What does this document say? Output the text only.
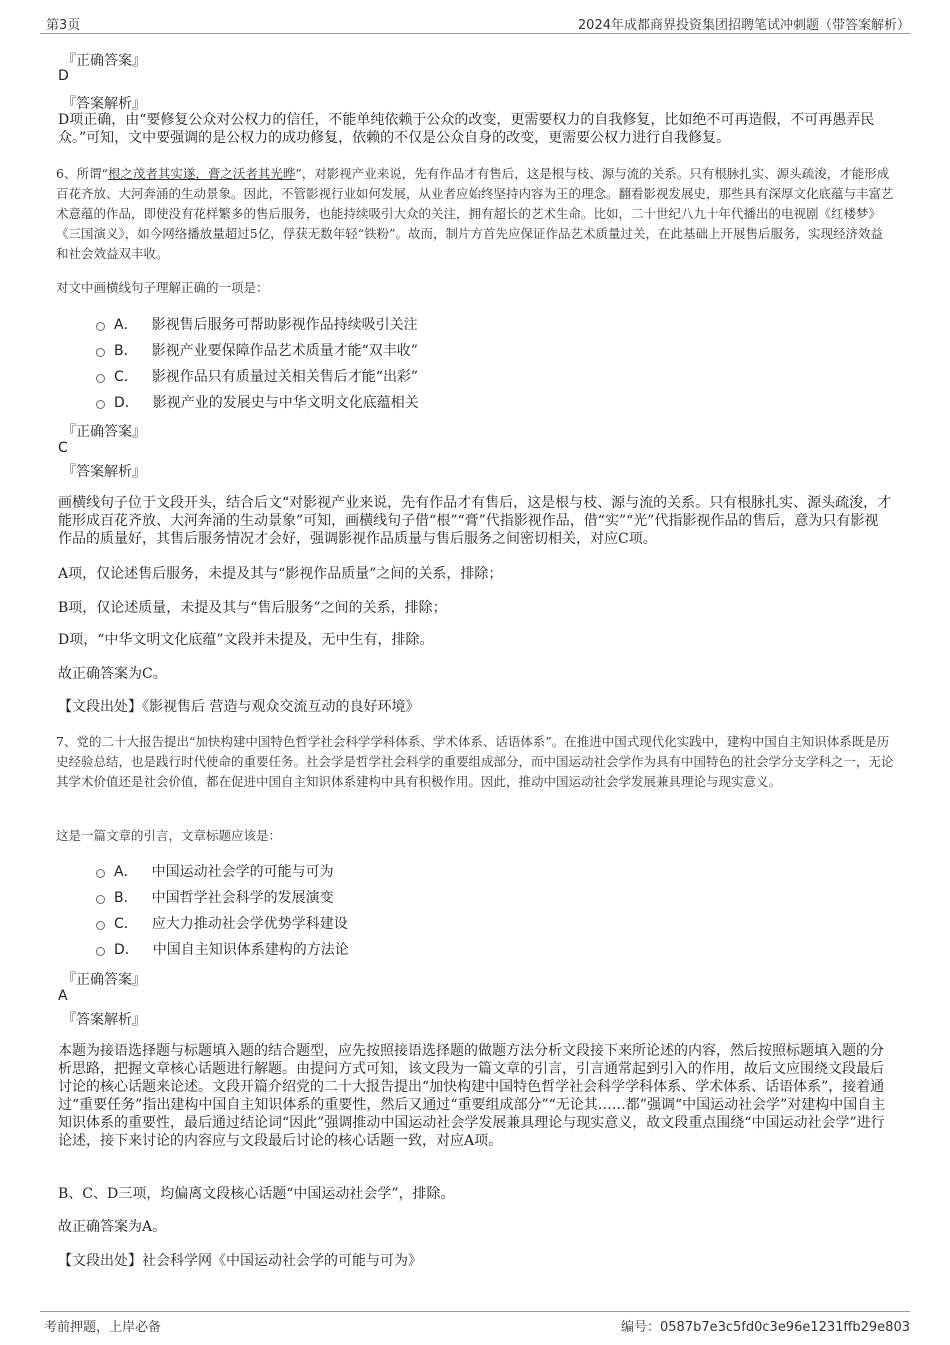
第3页	2024年成都商界投资集团招聘笔试冲刺题（带答案解析）
『正确答案』
D
『答案解析』
D项正确，由“要修复公众对公权力的信任，不能单纯依赖于公众的改变，更需要权力的自我修复，比如绝不可再造假，不可再愚弄民众。”可知，文中要强调的是公权力的成功修复，依赖的不仅是公众自身的改变，更需要公权力进行自我修复。
6、所谓“根之茂者其实遂，膏之沃者其光晔”，对影视产业来说，先有作品才有售后，这是根与枝、源与流的关系。只有根脉扎实、源头疏浚，才能形成百花齐放、大河奔涌的生动景象。因此，不管影视行业如何发展，从业者应始终坚持内容为王的理念。翻看影视发展史，那些具有深厚文化底蕴与丰富艺术意蕴的作品，即使没有花样繁多的售后服务，也能持续吸引大众的关注，拥有超长的艺术生命。比如，二十世纪八九十年代播出的电视剧《红楼梦》《三国演义》，如今网络播放量超过5亿，俘获无数年轻“铁粉”。故而，制片方首先应保证作品艺术质量过关，在此基础上开展售后服务，实现经济效益和社会效益双丰收。
对文中画横线句子理解正确的一项是：
A． 影视售后服务可帮助影视作品持续吸引关注
B． 影视产业要保障作品艺术质量才能“双丰收”
C． 影视作品只有质量过关相关售后才能“出彩”
D． 影视产业的发展史与中华文明文化底蕴相关
『正确答案』
C
『答案解析』
画横线句子位于文段开头，结合后文“对影视产业来说，先有作品才有售后，这是根与枝、源与流的关系。只有根脉扎实、源头疏浚，才能形成百花齐放、大河奔涌的生动景象”可知，画横线句子借“根”“膏”代指影视作品，借“实”“光”代指影视作品的售后，意为只有影视作品的质量好，其售后服务情况才会好，强调影视作品质量与售后服务之间密切相关，对应C项。
A项，仅论述售后服务，未提及其与“影视作品质量”之间的关系，排除；
B项，仅论述质量，未提及其与“售后服务”之间的关系，排除；
D项，“中华文明文化底蕴”文段并未提及，无中生有，排除。
故正确答案为C。
【文段出处】《影视售后 营造与观众交流互动的良好环境》
7、党的二十大报告提出“加快构建中国特色哲学社会科学学科体系、学术体系、话语体系”。在推进中国式现代化实践中，建构中国自主知识体系既是历史经验总结，也是践行时代使命的重要任务。社会学是哲学社会科学的重要组成部分，而中国运动社会学作为具有中国特色的社会学分支学科之一，无论其学术价值还是社会价值，都在促进中国自主知识体系建构中具有积极作用。因此，推动中国运动社会学发展兼具理论与现实意义。
这是一篇文章的引言，文章标题应该是：
A． 中国运动社会学的可能与可为
B． 中国哲学社会科学的发展演变
C． 应大力推动社会学优势学科建设
D． 中国自主知识体系建构的方法论
『正确答案』
A
『答案解析』
本题为接语选择题与标题填入题的结合题型，应先按照接语选择题的做题方法分析文段接下来所论述的内容，然后按照标题填入题的分析思路，把握文章核心话题进行解题。由提问方式可知，该文段为一篇文章的引言，引言通常起到引入的作用，故后文应围绕文段最后讨论的核心话题来论述。文段开篇介绍党的二十大报告提出“加快构建中国特色哲学社会科学学科体系、学术体系、话语体系”，接着通过“重要任务”指出建构中国自主知识体系的重要性，然后又通过“重要组成部分”“无论其……都”强调“中国运动社会学”对建构中国自主知识体系的重要性，最后通过结论词“因此”强调推动中国运动社会学发展兼具理论与现实意义，故文段重点围绕“中国运动社会学”进行论述，接下来讨论的内容应与文段最后讨论的核心话题一致，对应A项。
B、C、D三项，均偏离文段核心话题“中国运动社会学”，排除。
故正确答案为A。
【文段出处】社会科学网《中国运动社会学的可能与可为》
考前押题，上岸必备	编号：0587b7e3c5fd0c3e96e1231ffb29e803
